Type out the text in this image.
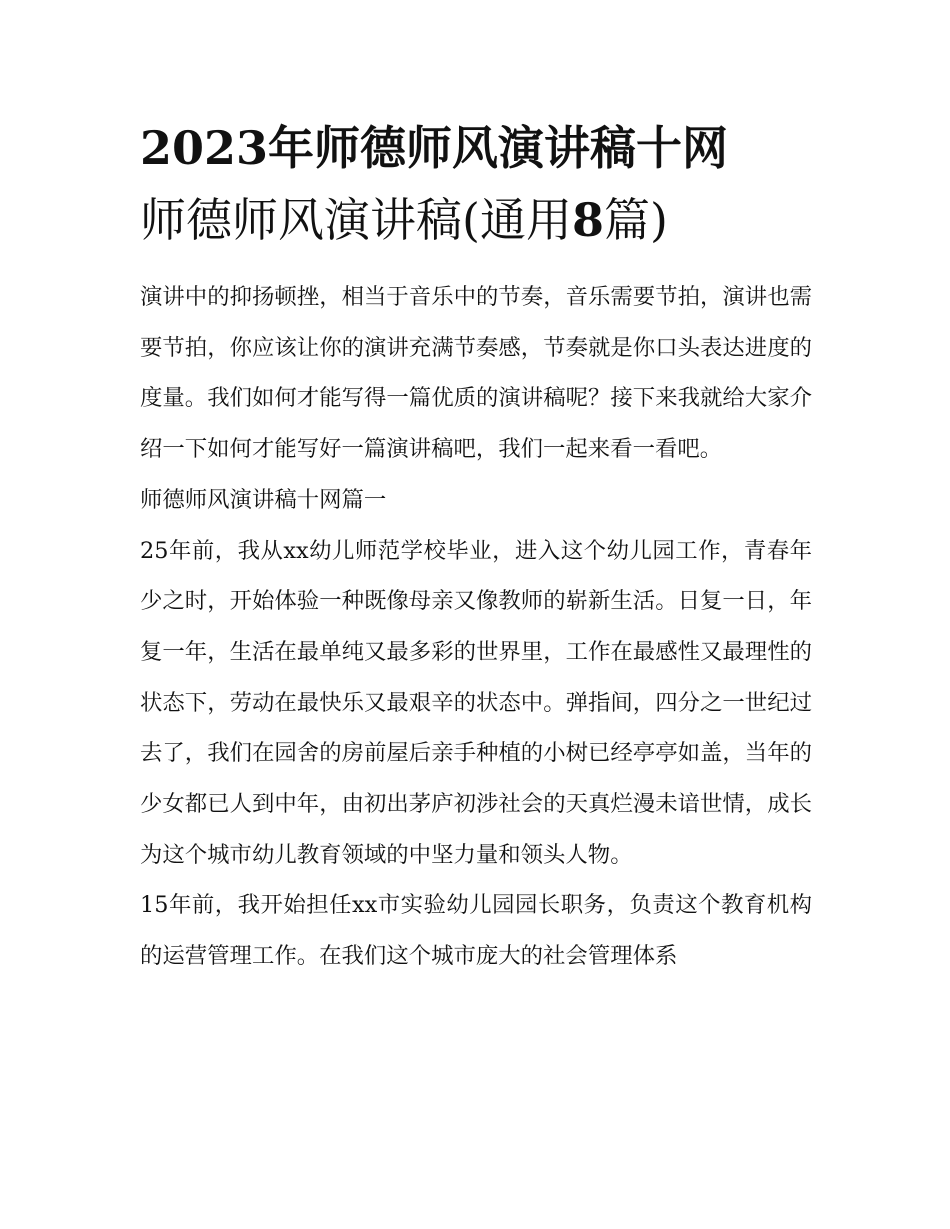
2023年师德师风演讲稿十网
师德师风演讲稿(通用8篇)

演讲中的抑扬顿挫，相当于音乐中的节奏，音乐需要节拍，演讲也需要节拍，你应该让你的演讲充满节奏感，节奏就是你口头表达进度的度量。我们如何才能写得一篇优质的演讲稿呢？接下来我就给大家介绍一下如何才能写好一篇演讲稿吧，我们一起来看一看吧。

师德师风演讲稿十网篇一

25年前，我从xx幼儿师范学校毕业，进入这个幼儿园工作，青春年少之时，开始体验一种既像母亲又像教师的崭新生活。日复一日，年复一年，生活在最单纯又最多彩的世界里，工作在最感性又最理性的状态下，劳动在最快乐又最艰辛的状态中。弹指间，四分之一世纪过去了，我们在园舍的房前屋后亲手种植的小树已经亭亭如盖，当年的少女都已人到中年，由初出茅庐初涉社会的天真烂漫未谙世情，成长为这个城市幼儿教育领域的中坚力量和领头人物。

15年前，我开始担任xx市实验幼儿园园长职务，负责这个教育机构的运营管理工作。在我们这个城市庞大的社会管理体系
